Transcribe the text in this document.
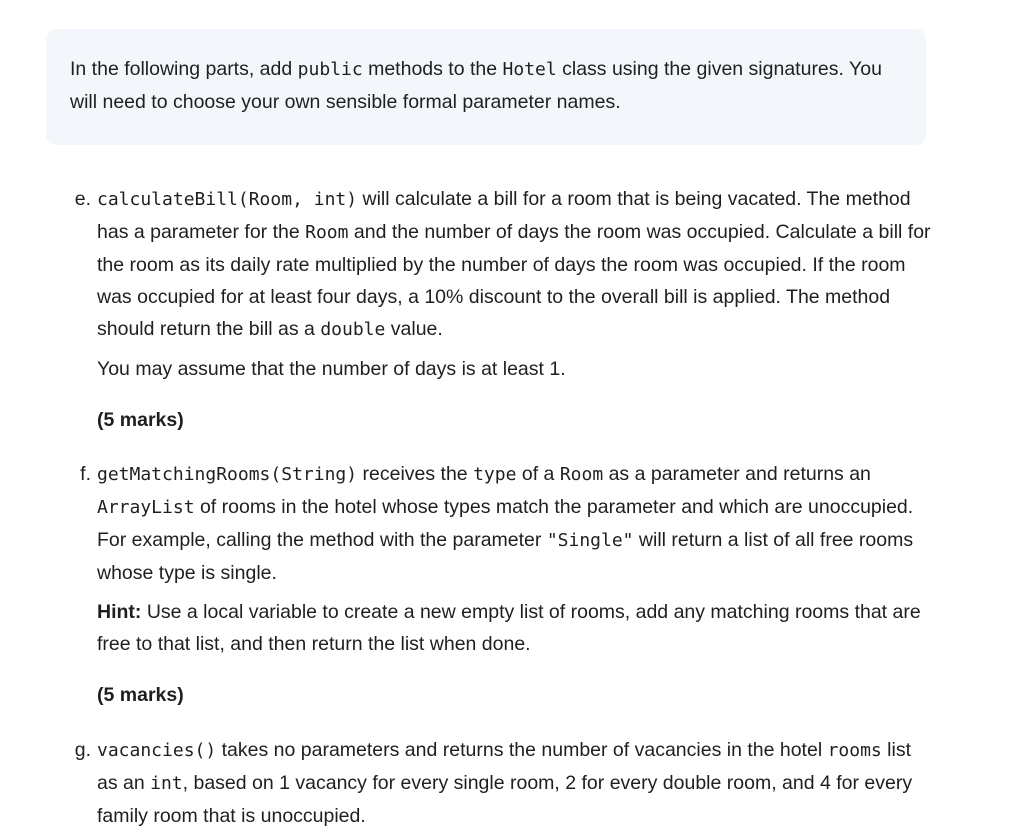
In the following parts, add public methods to the Hotel class using the given signatures. You will need to choose your own sensible formal parameter names.

e. calculateBill(Room, int) will calculate a bill for a room that is being vacated. The method has a parameter for the Room and the number of days the room was occupied. Calculate a bill for the room as its daily rate multiplied by the number of days the room was occupied. If the room was occupied for at least four days, a 10% discount to the overall bill is applied. The method should return the bill as a double value.

You may assume that the number of days is at least 1.

(5 marks)
f. getMatchingRooms(String) receives the type of a Room as a parameter and returns an ArrayList of rooms in the hotel whose types match the parameter and which are unoccupied. For example, calling the method with the parameter "Single" will return a list of all free rooms whose type is single.

Hint: Use a local variable to create a new empty list of rooms, add any matching rooms that are free to that list, and then return the list when done.

(5 marks)
g. vacancies() takes no parameters and returns the number of vacancies in the hotel rooms list as an int, based on 1 vacancy for every single room, 2 for every double room, and 4 for every family room that is unoccupied.
